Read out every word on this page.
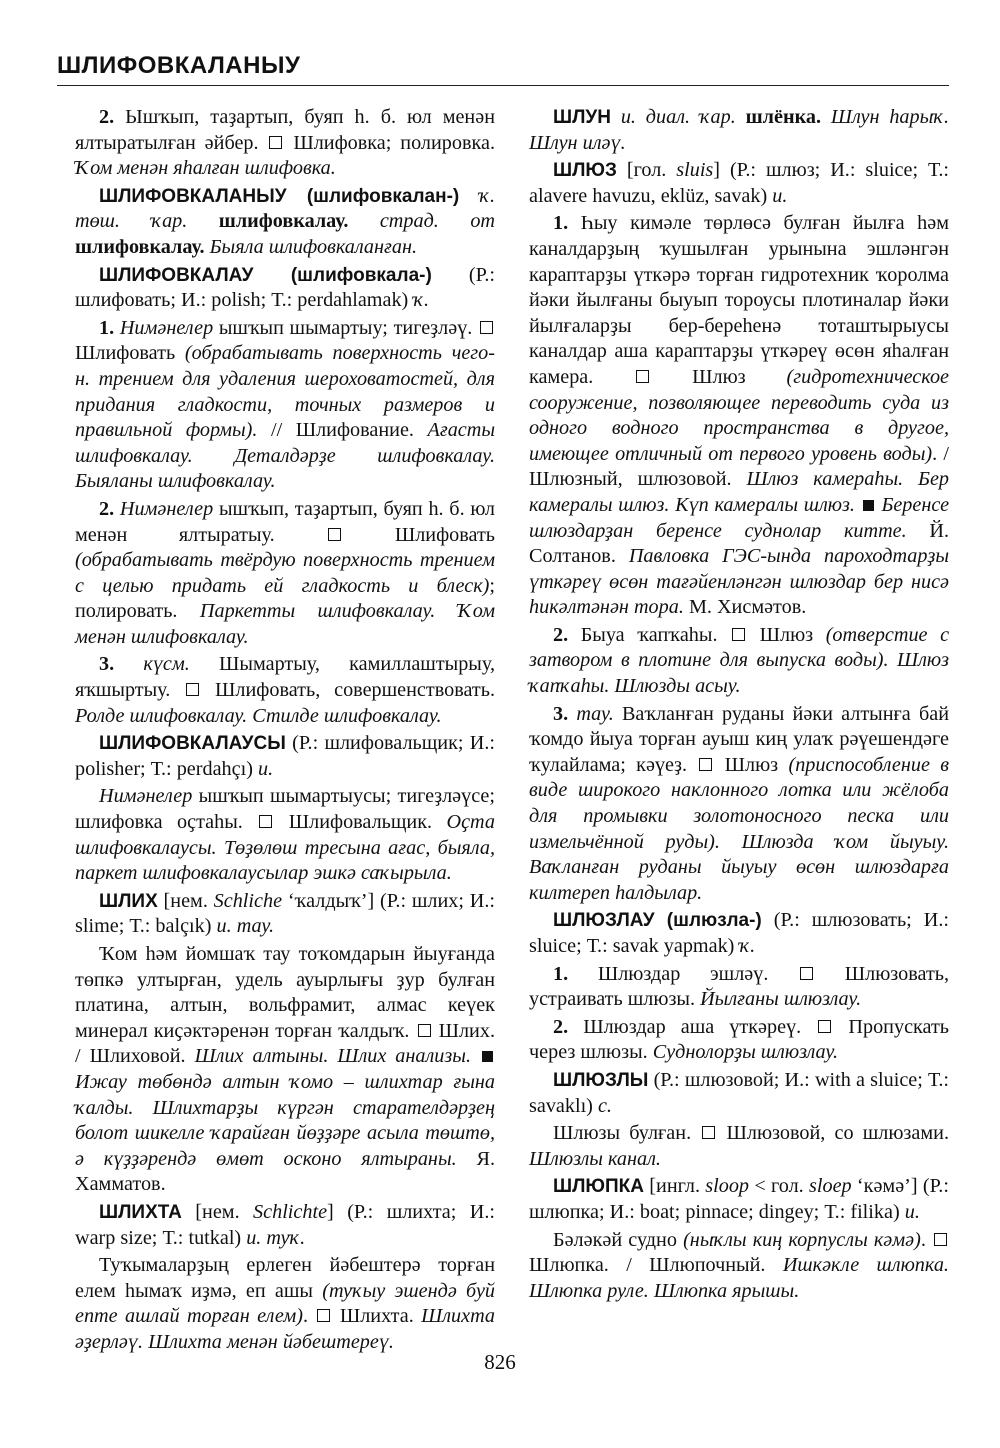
ШЛИФОВКАЛАНЫУ

2. Ышҡып, таҙартып, буяп һ. б. юл менән ялтыратылған әйбер.  Шлифовка; полировка. Ҡом менән яһалған шлифовка.

ШЛИФОВКАЛАНЫУ (шлифовкалан-) ҡ. төш. ҡар. шлифовкалау. страд. от шлифовкалау. Быяла шлифовкаланған.

ШЛИФОВКАЛАУ (шлифовкала-) (Р.: шлифовать; И.: polish; Т.: perdahlamak) ҡ.

1. Нимәнелер ышҡып шымартыу; тигеҙләү.  Шлифовать (обрабатывать поверхность чего-н. трением для удаления шероховатостей, для придания гладкости, точных размеров и правильной формы). // Шлифование. Ағасты шлифовкалау. Деталдәрҙе шлифовкалау. Быяланы шлифовкалау.

2. Нимәнелер ышҡып, таҙартып, буяп һ. б. юл менән ялтыратыу.  Шлифовать (обрабатывать твёрдую поверхность трением с целью придать ей гладкость и блеск); полировать. Паркетты шлифовкалау. Ҡом менән шлифовкалау.

3. күсм. Шымартыу, камиллаштырыу, яҡшыртыу.  Шлифовать, совершенствовать. Ролде шлифовкалау. Стилде шлифовкалау.

ШЛИФОВКАЛАУСЫ (Р.: шлифовальщик; И.: polisher; Т.: perdahçı) и.

Нимәнелер ышҡып шымартыусы; тигеҙләүсе; шлифовка оҫтаһы.  Шлифовальщик. Оҫта шлифовкалаусы. Төҙөлөш тресына ағас, быяла, паркет шлифовкалаусылар эшкә саҡырыла.

ШЛИХ [нем. Schliche ‘ҡалдыҡ’] (Р.: шлих; И.: slime; Т.: balçık) и. тау.

Ҡом һәм йомшаҡ тау тоҡомдарын йыуғанда төпкә ултырған, удель ауырлығы ҙур булған платина, алтын, вольфрамит, алмас кеүек минерал киҫәктәренән торған ҡалдыҡ.  Шлих. / Шлиховой. Шлих алтыны. Шлих анализы.  Ижау төбөндә алтын ҡомо – шлихтар ғына ҡалды. Шлихтарҙы күргән старателдәрҙең болот шикелле ҡарайған йөҙҙәре асыла төштө, ә күҙҙәрендә өмөт осконо ялтыраны. Я. Хамматов.

ШЛИХТА [нем. Schlichte] (Р.: шлихта; И.: warp size; Т.: tutkal) и. туҡ.

Туҡымаларҙың ерлеген йәбештерә торған елем һымаҡ иҙмә, еп ашы (туҡыу эшендә буй епте ашлай торған елем).  Шлихта. Шлихта әҙерләү. Шлихта менән йәбештереү.

ШЛУН и. диал. ҡар. шлёнка. Шлун һарыҡ. Шлун иләү.

ШЛЮЗ [гол. sluis] (Р.: шлюз; И.: sluice; Т.: alavere havuzu, eklüz, savak) и.

1. Һыу кимәле төрлөсә булған йылға һәм каналдарҙың ҡушылған урынына эшләнгән караптарҙы үткәрә торған гидротехник ҡоролма йәки йылғаны быуып тороусы плотиналар йәки йылғаларҙы бер-береһенә тоташтырыусы каналдар аша караптарҙы үткәреү өсөн яһалған камера.  Шлюз (гидротехническое сооружение, позволяющее переводить суда из одного водного пространства в другое, имеющее отличный от первого уровень воды). / Шлюзный, шлюзовой. Шлюз камераһы. Бер камералы шлюз. Күп камералы шлюз. Беренсе шлюздарҙан беренсе суднолар китте. Й. Солтанов. Павловка ГЭС-ында пароходтарҙы үткәреү өсөн тағәйенләнгән шлюздар бер нисә һикәлтәнән тора. М. Хисмәтов.

2. Быуа ҡапҡаһы.  Шлюз (отверстие с затвором в плотине для выпуска воды). Шлюз ҡапҡаһы. Шлюзды асыу.

3. тау. Ваҡланған руданы йәки алтынға бай ҡомдо йыуа торған ауыш киң улаҡ рәүешендәге ҡулайлама; кәүеҙ.  Шлюз (приспособление в виде широкого наклонного лотка или жёлоба для промывки золотоносного песка или измельчённой руды). Шлюзда ҡом йыуыу. Ваҡланған руданы йыуыу өсөн шлюздарға килтереп һалдылар.

ШЛЮЗЛАУ (шлюзла-) (Р.: шлюзовать; И.: sluice; Т.: savak yapmak) ҡ.

1. Шлюздар эшләү.  Шлюзовать, устраивать шлюзы. Йылғаны шлюзлау.

2. Шлюздар аша үткәреү.  Пропускать через шлюзы. Суднолорҙы шлюзлау.

ШЛЮЗЛЫ (Р.: шлюзовой; И.: with a sluice; Т.: savaklı) с.

Шлюзы булған.  Шлюзовой, со шлюзами. Шлюзлы канал.

ШЛЮПКА [ингл. sloop < гол. sloep ‘кәмә’] (Р.: шлюпка; И.: boat; pinnace; dingey; Т.: filika) и.

Бәләкәй судно (ныҡлы киң корпуслы кәмә).  Шлюпка. / Шлюпочный. Ишкәкле шлюпка. Шлюпка руле. Шлюпка ярышы.

826
